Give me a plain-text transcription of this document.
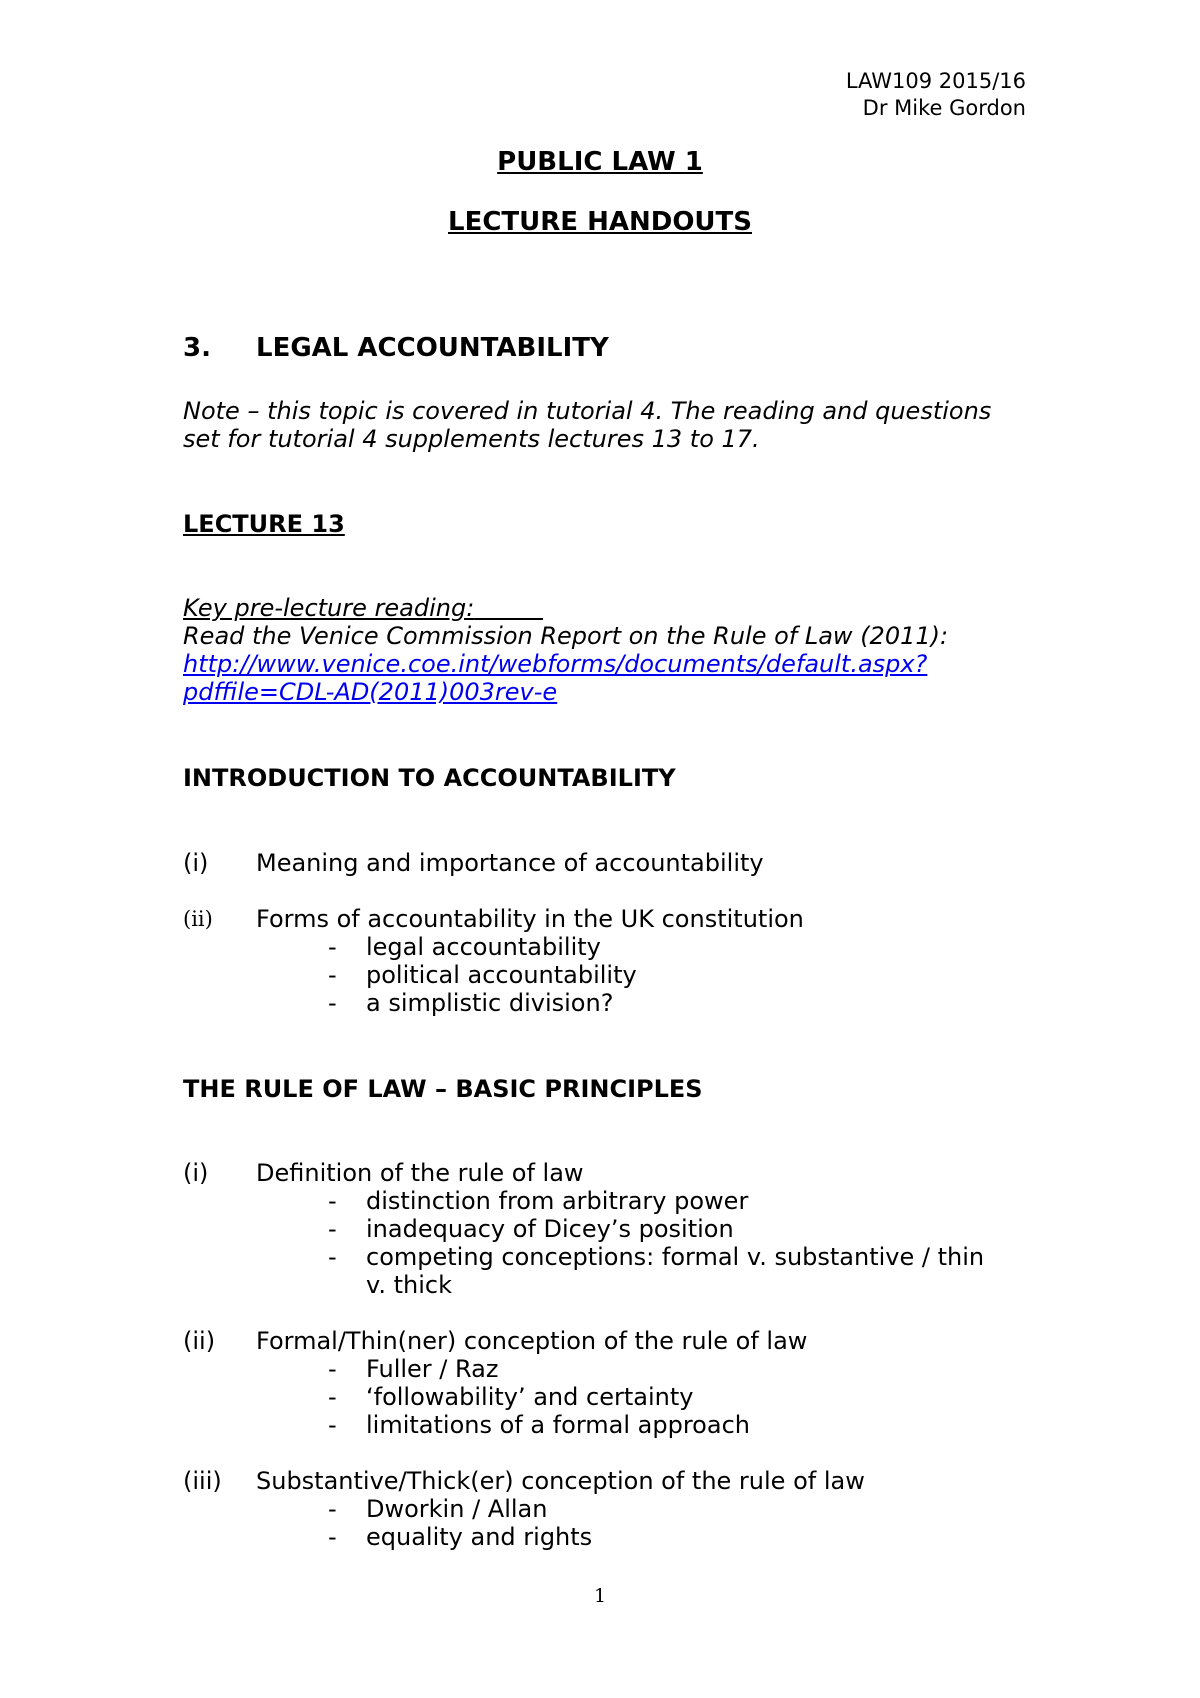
LAW109 2015/16
Dr Mike Gordon
PUBLIC LAW 1
LECTURE HANDOUTS
3. LEGAL ACCOUNTABILITY
Note – this topic is covered in tutorial 4. The reading and questions
set for tutorial 4 supplements lectures 13 to 17.
LECTURE 13
Key pre-lecture reading:
Read the Venice Commission Report on the Rule of Law (2011):
http://www.venice.coe.int/webforms/documents/default.aspx?
pdffile=CDL-AD(2011)003rev-e
INTRODUCTION TO ACCOUNTABILITY
(i)	Meaning and importance of accountability
(ii)	Forms of accountability in the UK constitution
- legal accountability
- political accountability
- a simplistic division?
THE RULE OF LAW – BASIC PRINCIPLES
(i)	Definition of the rule of law
- distinction from arbitrary power
- inadequacy of Dicey’s position
- competing conceptions: formal v. substantive / thin
v. thick
(ii)	Formal/Thin(ner) conception of the rule of law
- Fuller / Raz
- ‘followability’ and certainty
- limitations of a formal approach
(iii)	Substantive/Thick(er) conception of the rule of law
- Dworkin / Allan
- equality and rights
1
